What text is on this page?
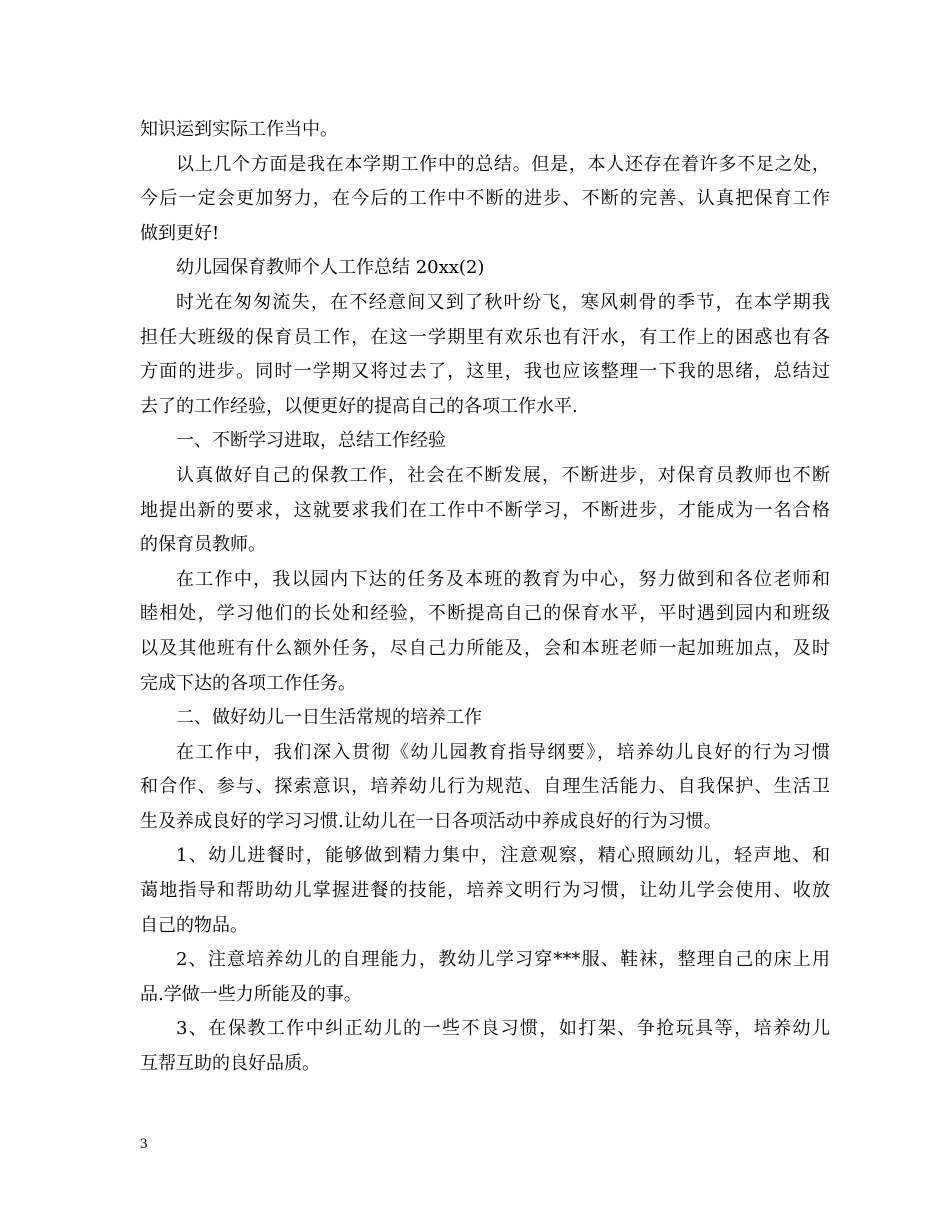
知识运到实际工作当中。
以上几个方面是我在本学期工作中的总结。但是，本人还存在着许多不足之处，
今后一定会更加努力，在今后的工作中不断的进步、不断的完善、认真把保育工作
做到更好!
幼儿园保育教师个人工作总结 20xx(2)
时光在匆匆流失，在不经意间又到了秋叶纷飞，寒风刺骨的季节，在本学期我
担任大班级的保育员工作，在这一学期里有欢乐也有汗水，有工作上的困惑也有各
方面的进步。同时一学期又将过去了，这里，我也应该整理一下我的思绪，总结过
去了的工作经验，以便更好的提高自己的各项工作水平.
一、不断学习进取，总结工作经验
认真做好自己的保教工作，社会在不断发展，不断进步，对保育员教师也不断
地提出新的要求，这就要求我们在工作中不断学习，不断进步，才能成为一名合格
的保育员教师。
在工作中，我以园内下达的任务及本班的教育为中心，努力做到和各位老师和
睦相处，学习他们的长处和经验，不断提高自己的保育水平，平时遇到园内和班级
以及其他班有什么额外任务，尽自己力所能及，会和本班老师一起加班加点，及时
完成下达的各项工作任务。
二、做好幼儿一日生活常规的培养工作
在工作中，我们深入贯彻《幼儿园教育指导纲要》，培养幼儿良好的行为习惯
和合作、参与、探索意识，培养幼儿行为规范、自理生活能力、自我保护、生活卫
生及养成良好的学习习惯.让幼儿在一日各项活动中养成良好的行为习惯。
1、幼儿进餐时，能够做到精力集中，注意观察，精心照顾幼儿，轻声地、和
蔼地指导和帮助幼儿掌握进餐的技能，培养文明行为习惯，让幼儿学会使用、收放
自己的物品。
2、注意培养幼儿的自理能力，教幼儿学习穿***服、鞋袜，整理自己的床上用
品.学做一些力所能及的事。
3、在保教工作中纠正幼儿的一些不良习惯，如打架、争抢玩具等，培养幼儿
互帮互助的良好品质。
3
